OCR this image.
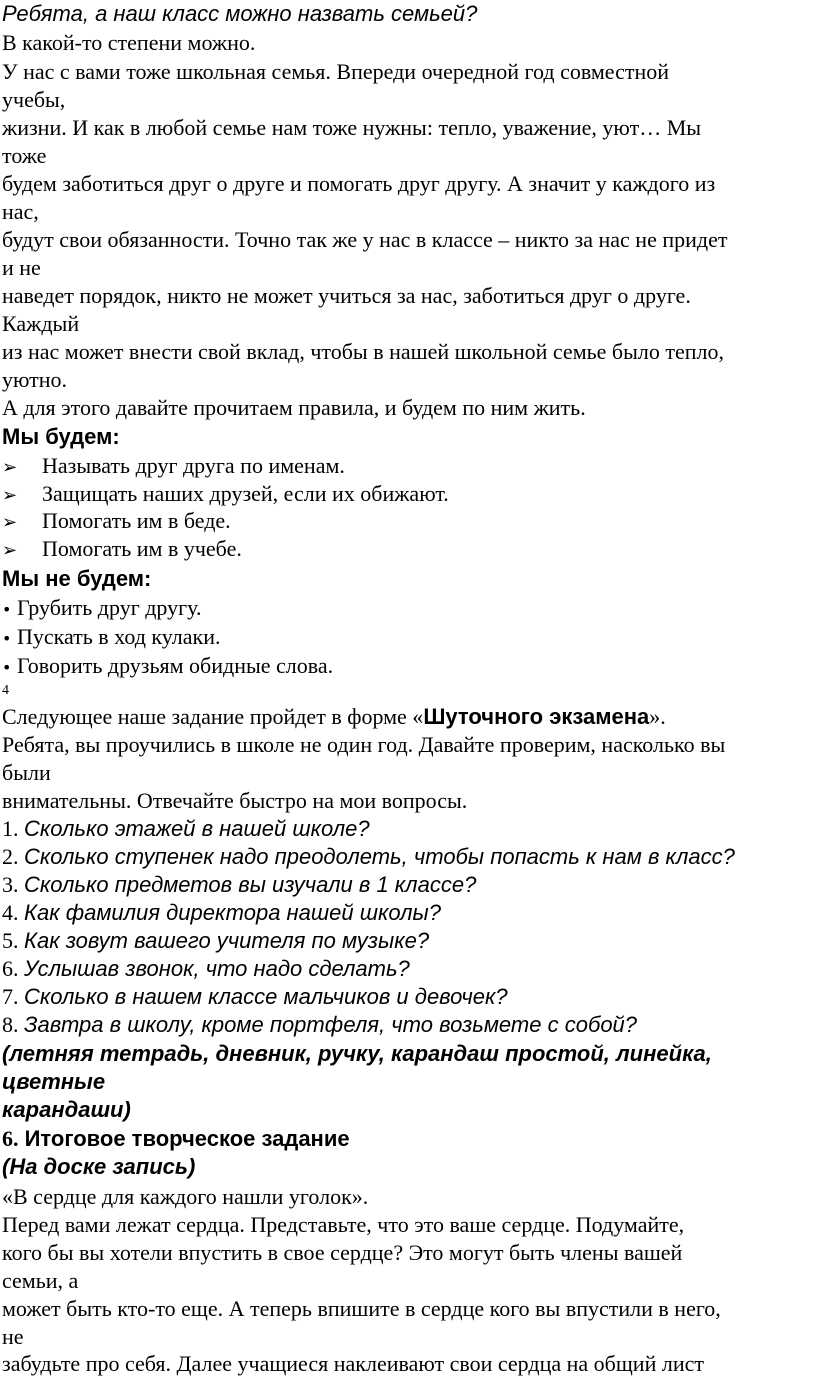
Ребята, а наш класс можно назвать семьей?
В какой-то степени можно.
У нас с вами тоже школьная семья. Впереди очередной год совместной
учебы,
жизни. И как в любой семье нам тоже нужны: тепло, уважение, уют… Мы
тоже
будем заботиться друг о друге и помогать друг другу. А значит у каждого из
нас,
будут свои обязанности. Точно так же у нас в классе – никто за нас не придет
и не
наведет порядок, никто не может учиться за нас, заботиться друг о друге.
Каждый
из нас может внести свой вклад, чтобы в нашей школьной семье было тепло,
уютно.
А для этого давайте прочитаем правила, и будем по ним жить.
Мы будем:
➢ Называть друг друга по именам.
➢ Защищать наших друзей, если их обижают.
➢ Помогать им в беде.
➢ Помогать им в учебе.
Мы не будем:
• Грубить друг другу.
• Пускать в ход кулаки.
• Говорить друзьям обидные слова.
4
Следующее наше задание пройдет в форме «Шуточного экзамена».
Ребята, вы проучились в школе не один год. Давайте проверим, насколько вы
были
внимательны. Отвечайте быстро на мои вопросы.
1. Сколько этажей в нашей школе?
2. Сколько ступенек надо преодолеть, чтобы попасть к нам в класс?
3. Сколько предметов вы изучали в 1 классе?
4. Как фамилия директора нашей школы?
5. Как зовут вашего учителя по музыке?
6. Услышав звонок, что надо сделать?
7. Сколько в нашем классе мальчиков и девочек?
8. Завтра в школу, кроме портфеля, что возьмете с собой?
(летняя тетрадь, дневник, ручку, карандаш простой, линейка,
цветные
карандаши)
6. Итоговое творческое задание
(На доске запись)
«В сердце для каждого нашли уголок».
Перед вами лежат сердца. Представьте, что это ваше сердце. Подумайте,
кого бы вы хотели впустить в свое сердце? Это могут быть члены вашей
семьи, а
может быть кто-то еще. А теперь впишите в сердце кого вы впустили в него,
не
забудьте про себя. Далее учащиеся наклеивают свои сердца на общий лист
